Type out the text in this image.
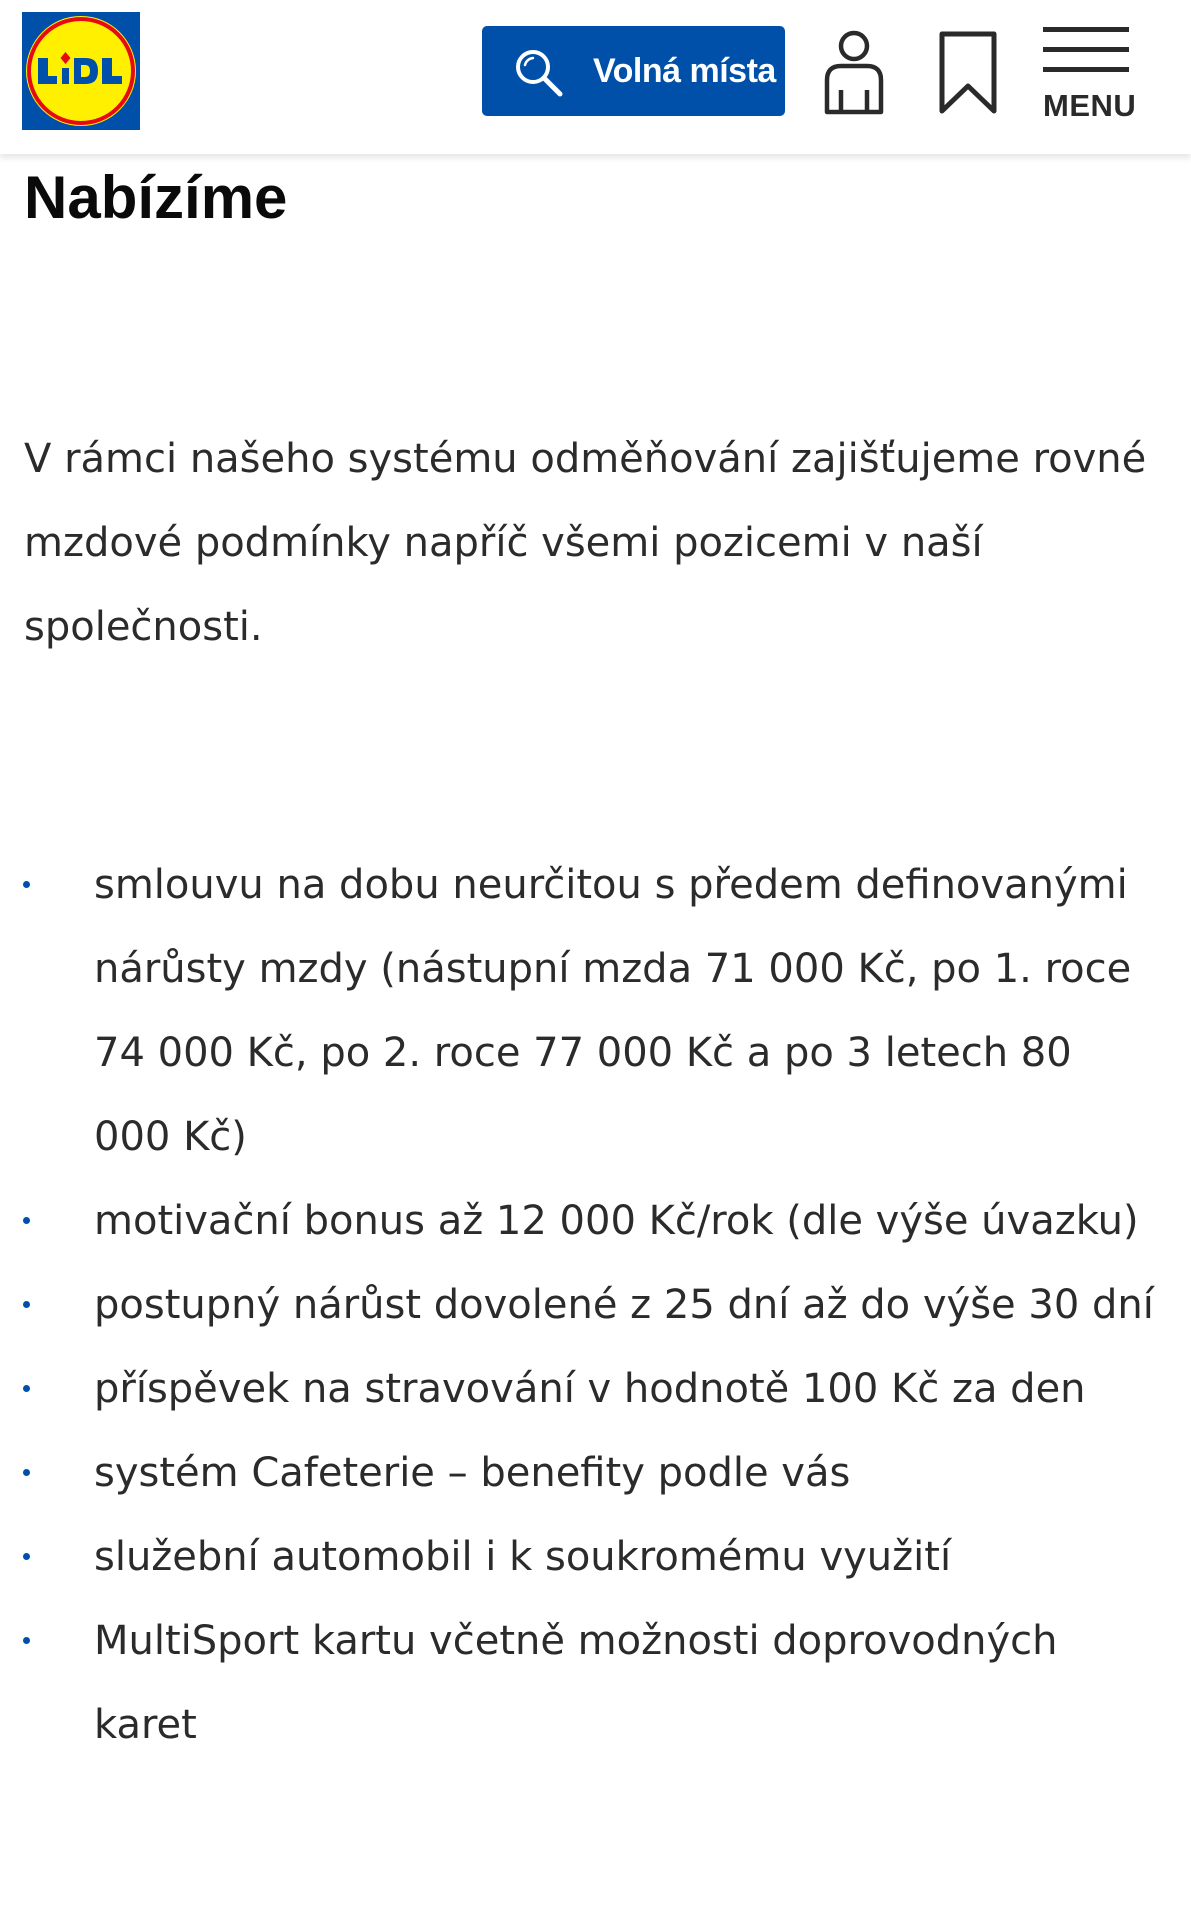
Volná místa
MENU
Nabízíme

V rámci našeho systému odměňování zajišťujeme rovné mzdové podmínky napříč všemi pozicemi v naší společnosti.

smlouvu na dobu neurčitou s předem definovanými nárůsty mzdy (nástupní mzda 71 000 Kč, po 1. roce 74 000 Kč, po 2. roce 77 000 Kč a po 3 letech 80 000 Kč)
motivační bonus až 12 000 Kč/rok (dle výše úvazku)
postupný nárůst dovolené z 25 dní až do výše 30 dní
příspěvek na stravování v hodnotě 100 Kč za den
systém Cafeterie – benefity podle vás
služební automobil i k soukromému využití
MultiSport kartu včetně možnosti doprovodných karet
